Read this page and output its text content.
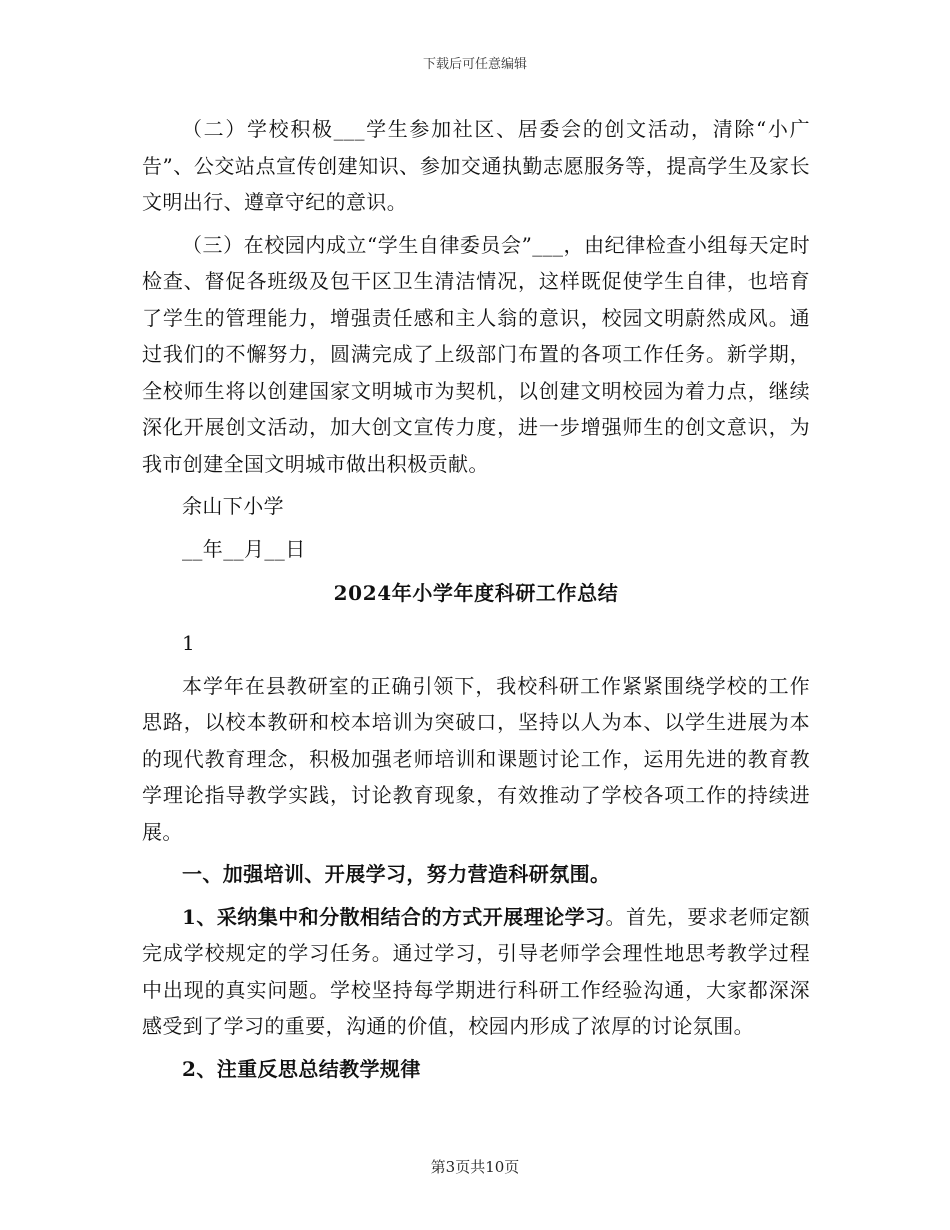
下载后可任意编辑

（二）学校积极___学生参加社区、居委会的创文活动，清除“小广告”、公交站点宣传创建知识、参加交通执勤志愿服务等，提高学生及家长文明出行、遵章守纪的意识。

（三）在校园内成立“学生自律委员会”___，由纪律检查小组每天定时检查、督促各班级及包干区卫生清洁情况，这样既促使学生自律，也培育了学生的管理能力，增强责任感和主人翁的意识，校园文明蔚然成风。通过我们的不懈努力，圆满完成了上级部门布置的各项工作任务。新学期，全校师生将以创建国家文明城市为契机，以创建文明校园为着力点，继续深化开展创文活动，加大创文宣传力度，进一步增强师生的创文意识，为我市创建全国文明城市做出积极贡献。

余山下小学

__年__月__日

2024年小学年度科研工作总结

1

本学年在县教研室的正确引领下，我校科研工作紧紧围绕学校的工作思路，以校本教研和校本培训为突破口，坚持以人为本、以学生进展为本的现代教育理念，积极加强老师培训和课题讨论工作，运用先进的教育教学理论指导教学实践，讨论教育现象，有效推动了学校各项工作的持续进展。

一、加强培训、开展学习，努力营造科研氛围。

1、采纳集中和分散相结合的方式开展理论学习。首先，要求老师定额完成学校规定的学习任务。通过学习，引导老师学会理性地思考教学过程中出现的真实问题。学校坚持每学期进行科研工作经验沟通，大家都深深感受到了学习的重要，沟通的价值，校园内形成了浓厚的讨论氛围。

2、注重反思总结教学规律

第3页共10页
